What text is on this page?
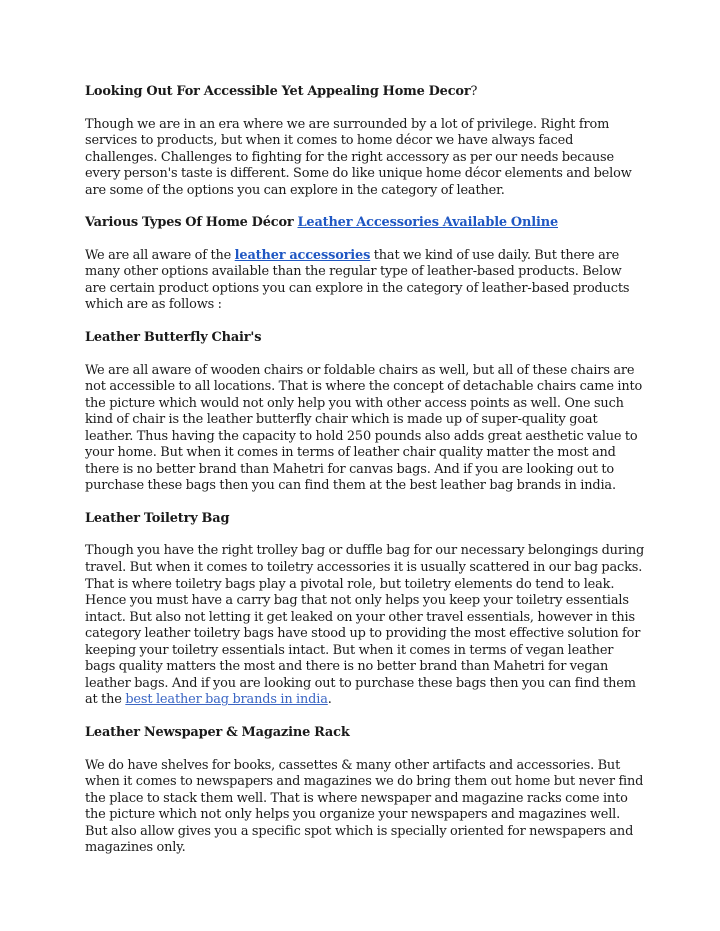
Looking Out For Accessible Yet Appealing Home Decor?

Though we are in an era where we are surrounded by a lot of privilege. Right from services to products, but when it comes to home décor we have always faced challenges. Challenges to fighting for the right accessory as per our needs because every person's taste is different. Some do like unique home décor elements and below are some of the options you can explore in the category of leather.

Various Types Of Home Décor Leather Accessories Available Online

We are all aware of the leather accessories that we kind of use daily. But there are many other options available than the regular type of leather-based products. Below are certain product options you can explore in the category of leather-based products which are as follows :

Leather Butterfly Chair's

We are all aware of wooden chairs or foldable chairs as well, but all of these chairs are not accessible to all locations. That is where the concept of detachable chairs came into the picture which would not only help you with other access points as well. One such kind of chair is the leather butterfly chair which is made up of super-quality goat leather. Thus having the capacity to hold 250 pounds also adds great aesthetic value to your home. But when it comes in terms of leather chair quality matter the most and there is no better brand than Mahetri for canvas bags. And if you are looking out to purchase these bags then you can find them at the best leather bag brands in india.

Leather Toiletry Bag

Though you have the right trolley bag or duffle bag for our necessary belongings during travel. But when it comes to toiletry accessories it is usually scattered in our bag packs. That is where toiletry bags play a pivotal role, but toiletry elements do tend to leak. Hence you must have a carry bag that not only helps you keep your toiletry essentials intact. But also not letting it get leaked on your other travel essentials, however in this category leather toiletry bags have stood up to providing the most effective solution for keeping your toiletry essentials intact. But when it comes in terms of vegan leather bags quality matters the most and there is no better brand than Mahetri for vegan leather bags. And if you are looking out to purchase these bags then you can find them at the best leather bag brands in india.

Leather Newspaper & Magazine Rack

We do have shelves for books, cassettes & many other artifacts and accessories. But when it comes to newspapers and magazines we do bring them out home but never find the place to stack them well. That is where newspaper and magazine racks come into the picture which not only helps you organize your newspapers and magazines well. But also allow gives you a specific spot which is specially oriented for newspapers and magazines only.
